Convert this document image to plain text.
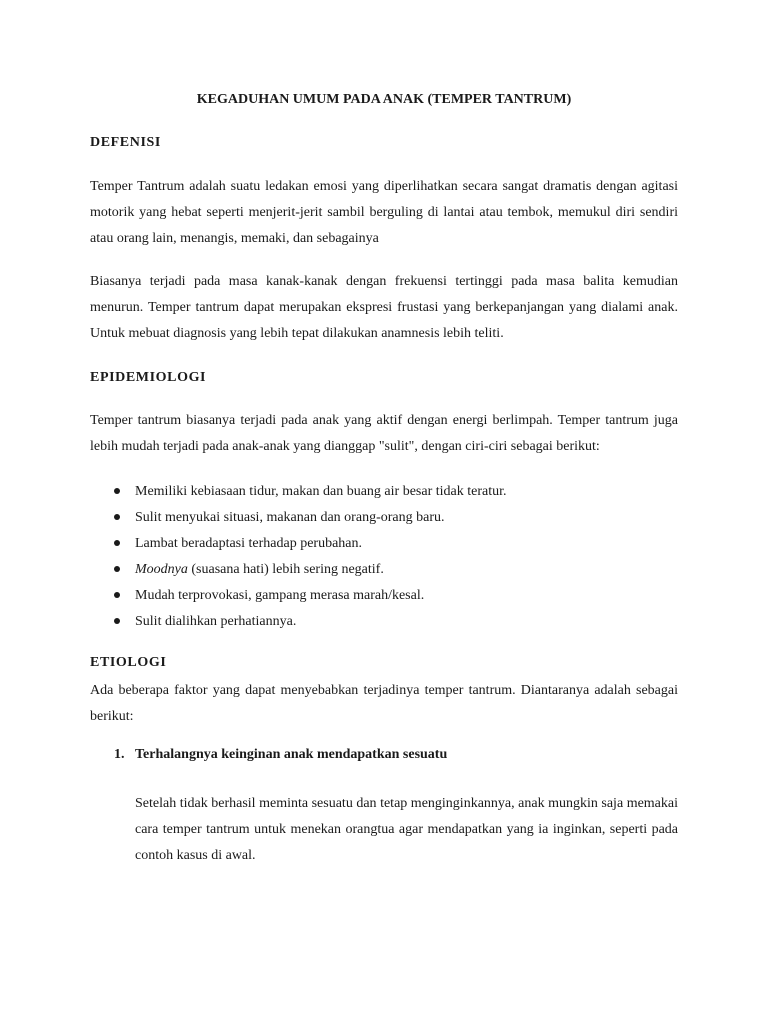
KEGADUHAN UMUM PADA ANAK (TEMPER TANTRUM)
DEFENISI

Temper Tantrum adalah suatu ledakan emosi yang diperlihatkan secara sangat dramatis dengan agitasi motorik yang hebat seperti menjerit-jerit sambil berguling di lantai atau tembok, memukul diri sendiri atau orang lain, menangis, memaki, dan sebagainya

Biasanya terjadi pada masa kanak-kanak dengan frekuensi tertinggi pada masa balita kemudian menurun. Temper tantrum dapat merupakan ekspresi frustasi yang berkepanjangan yang dialami anak. Untuk mebuat diagnosis yang lebih tepat dilakukan anamnesis lebih teliti.

EPIDEMIOLOGI

Temper tantrum biasanya terjadi pada anak yang aktif dengan energi berlimpah. Temper tantrum juga lebih mudah terjadi pada anak-anak yang dianggap "sulit", dengan ciri-ciri sebagai berikut:

Memiliki kebiasaan tidur, makan dan buang air besar tidak teratur.
Sulit menyukai situasi, makanan dan orang-orang baru.
Lambat beradaptasi terhadap perubahan.
Moodnya (suasana hati) lebih sering negatif.
Mudah terprovokasi, gampang merasa marah/kesal.
Sulit dialihkan perhatiannya.
ETIOLOGI

Ada beberapa faktor yang dapat menyebabkan terjadinya temper tantrum. Diantaranya adalah sebagai berikut:

1. Terhalangnya keinginan anak mendapatkan sesuatu

Setelah tidak berhasil meminta sesuatu dan tetap menginginkannya, anak mungkin saja memakai cara temper tantrum untuk menekan orangtua agar mendapatkan yang ia inginkan, seperti pada contoh kasus di awal.
